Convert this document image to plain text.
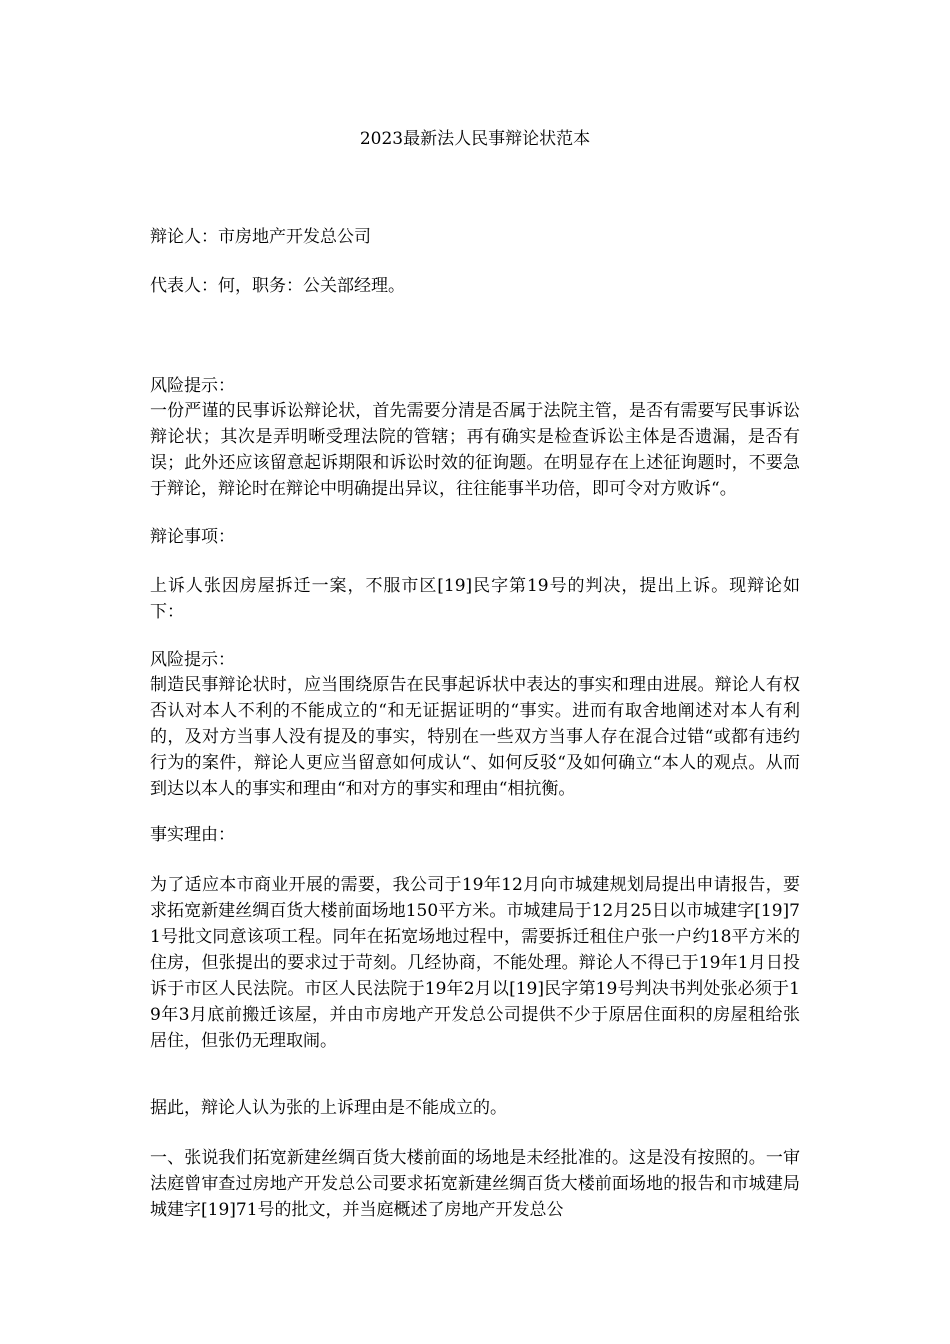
2023最新法人民事辩论状范本
辩论人：市房地产开发总公司
代表人：何，职务：公关部经理。
风险提示：
一份严谨的民事诉讼辩论状，首先需要分清是否属于法院主管，是否有需要写民事诉讼辩论状；其次是弄明晰受理法院的管辖；再有确实是检查诉讼主体是否遗漏，是否有误；此外还应该留意起诉期限和诉讼时效的征询题。在明显存在上述征询题时，不要急于辩论，辩论时在辩论中明确提出异议，往往能事半功倍，即可令对方败诉“。
辩论事项：
上诉人张因房屋拆迁一案，不服市区[19]民字第19号的判决，提出上诉。现辩论如下：
风险提示：
制造民事辩论状时，应当围绕原告在民事起诉状中表达的事实和理由进展。辩论人有权否认对本人不利的不能成立的“和无证据证明的“事实。进而有取舍地阐述对本人有利的，及对方当事人没有提及的事实，特别在一些双方当事人存在混合过错“或都有违约行为的案件，辩论人更应当留意如何成认“、如何反驳“及如何确立“本人的观点。从而到达以本人的事实和理由“和对方的事实和理由“相抗衡。
事实理由：
为了适应本市商业开展的需要，我公司于19年12月向市城建规划局提出申请报告，要求拓宽新建丝绸百货大楼前面场地150平方米。市城建局于12月25日以市城建字[19]71号批文同意该项工程。同年在拓宽场地过程中，需要拆迁租住户张一户约18平方米的住房，但张提出的要求过于苛刻。几经协商，不能处理。辩论人不得已于19年1月日投诉于市区人民法院。市区人民法院于19年2月以[19]民字第19号判决书判处张必须于19年3月底前搬迁该屋，并由市房地产开发总公司提供不少于原居住面积的房屋租给张居住，但张仍无理取闹。
据此，辩论人认为张的上诉理由是不能成立的。
一、张说我们拓宽新建丝绸百货大楼前面的场地是未经批准的。这是没有按照的。一审法庭曾审查过房地产开发总公司要求拓宽新建丝绸百货大楼前面场地的报告和市城建局城建字[19]71号的批文，并当庭概述了房地产开发总公
